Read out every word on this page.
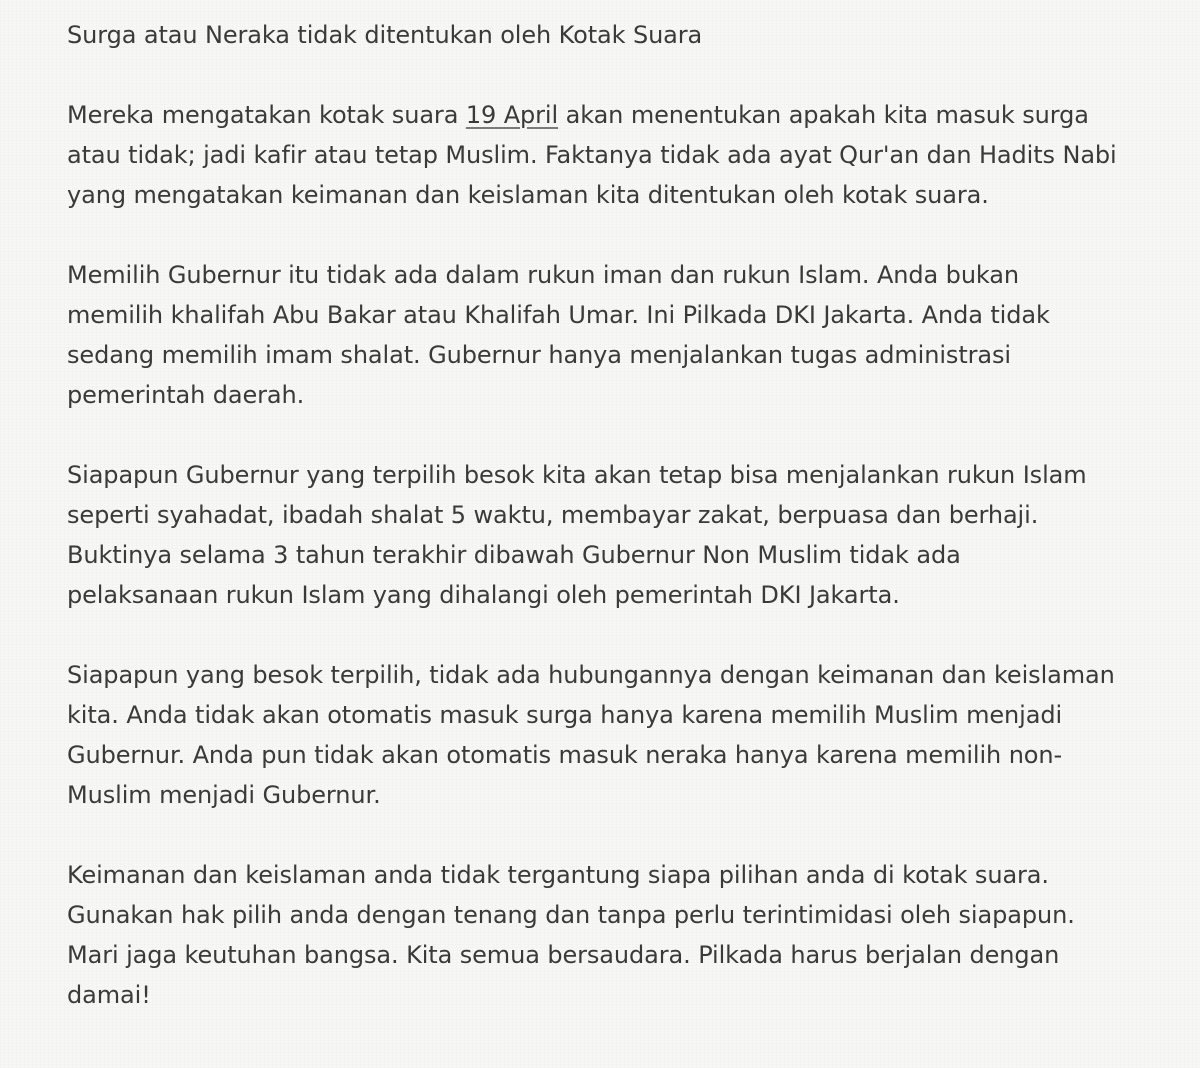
Surga atau Neraka tidak ditentukan oleh Kotak Suara
Mereka mengatakan kotak suara 19 April akan menentukan apakah kita masuk surga
atau tidak; jadi kafir atau tetap Muslim. Faktanya tidak ada ayat Qur'an dan Hadits Nabi
yang mengatakan keimanan dan keislaman kita ditentukan oleh kotak suara.
Memilih Gubernur itu tidak ada dalam rukun iman dan rukun Islam. Anda bukan
memilih khalifah Abu Bakar atau Khalifah Umar. Ini Pilkada DKI Jakarta. Anda tidak
sedang memilih imam shalat. Gubernur hanya menjalankan tugas administrasi
pemerintah daerah.
Siapapun Gubernur yang terpilih besok kita akan tetap bisa menjalankan rukun Islam
seperti syahadat, ibadah shalat 5 waktu, membayar zakat, berpuasa dan berhaji.
Buktinya selama 3 tahun terakhir dibawah Gubernur Non Muslim tidak ada
pelaksanaan rukun Islam yang dihalangi oleh pemerintah DKI Jakarta.
Siapapun yang besok terpilih, tidak ada hubungannya dengan keimanan dan keislaman
kita. Anda tidak akan otomatis masuk surga hanya karena memilih Muslim menjadi
Gubernur. Anda pun tidak akan otomatis masuk neraka hanya karena memilih non-
Muslim menjadi Gubernur.
Keimanan dan keislaman anda tidak tergantung siapa pilihan anda di kotak suara.
Gunakan hak pilih anda dengan tenang dan tanpa perlu terintimidasi oleh siapapun.
Mari jaga keutuhan bangsa. Kita semua bersaudara. Pilkada harus berjalan dengan
damai!
